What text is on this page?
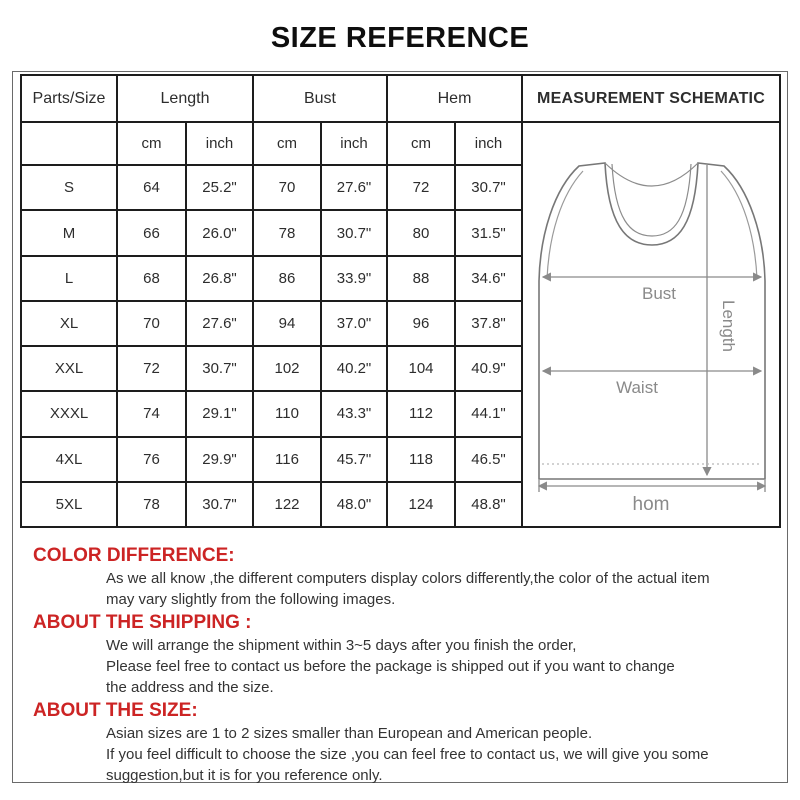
SIZE REFERENCE
Parts/Size	Length		Bust		Hem		MEASUREMENT SCHEMATIC
	cm	inch	cm	inch	cm	inch	Bust
Waist
Length
hom

S	64	25.2"	70	27.6"	72	30.7"	
M	66	26.0"	78	30.7"	80	31.5"	
L	68	26.8"	86	33.9"	88	34.6"	
XL	70	27.6"	94	37.0"	96	37.8"	
XXL	72	30.7"	102	40.2"	104	40.9"	
XXXL	74	29.1"	110	43.3"	112	44.1"	
4XL	76	29.9"	116	45.7"	118	46.5"	
5XL	78	30.7"	122	48.0"	124	48.8"	
COLOR DIFFERENCE:
As we all know ,the different computers display colors differently,the color of the actual item
may vary slightly from the following images.
ABOUT THE SHIPPING :
We will arrange the shipment within 3~5 days after you finish the order,
Please feel free to contact us before the package is shipped out if you want to change
the address and the size.
ABOUT THE SIZE:
Asian sizes are 1 to 2 sizes smaller than European and American people.
If you feel difficult to choose the size ,you can feel free to contact us, we will give you some
suggestion,but it is for you reference only.
